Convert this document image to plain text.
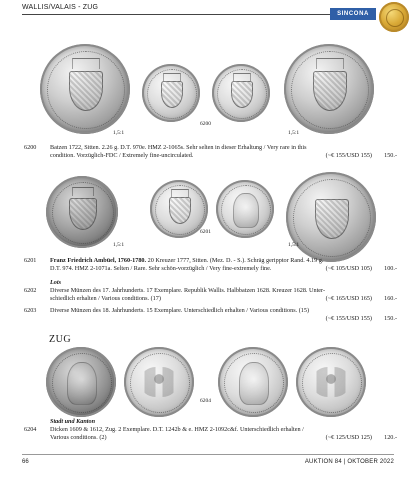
WALLIS/VALAIS - ZUG
SINCONA
6200
1,5:1	1,5:1
6200 Batzen 1722, Sitten. 2.26 g. D.T. 970e. HMZ 2-1065s. Sehr selten in dieser Erhaltung / Very rare in this
condition. Vorzüglich-FDC / Extremely fine-uncirculated.	(~€ 155/USD 155) 150.-
6201
1,5:1	1,5:1
6201 Franz Friedrich Ambüel, 1760-1780. 20 Kreuzer 1777, Sitten. (Mez. D. - S.). Schräg geripptor Rand. 4.19 g.
D.T. 974. HMZ 2-1071a. Selten / Rare. Sehr schön-vorzüglich / Very fine-extremely fine.	(~€ 105/USD 105) 100.-
Lots
6202 Diverse Münzen des 17. Jahrhunderts. 17 Exemplare. Republik Wallis. Halbbatzen 1628. Kreuzer 1628. Unter-
schiedlich erhalten / Various conditions. (17)	(~€ 165/USD 165) 160.-
6203 Diverse Münzen des 18. Jahrhunderts. 15 Exemplare. Unterschiedlich erhalten / Various conditions. (15)
(~€ 155/USD 155) 150.-
ZUG
6204
Stadt und Kanton
6204 Dicken 1609 & 1612, Zug. 2 Exemplare. D.T. 1242b & e. HMZ 2-1092c&f. Unterschiedlich erhalten /
Various conditions. (2)	(~€ 125/USD 125) 120.-
66	AUKTION 84 | OKTOBER 2022
